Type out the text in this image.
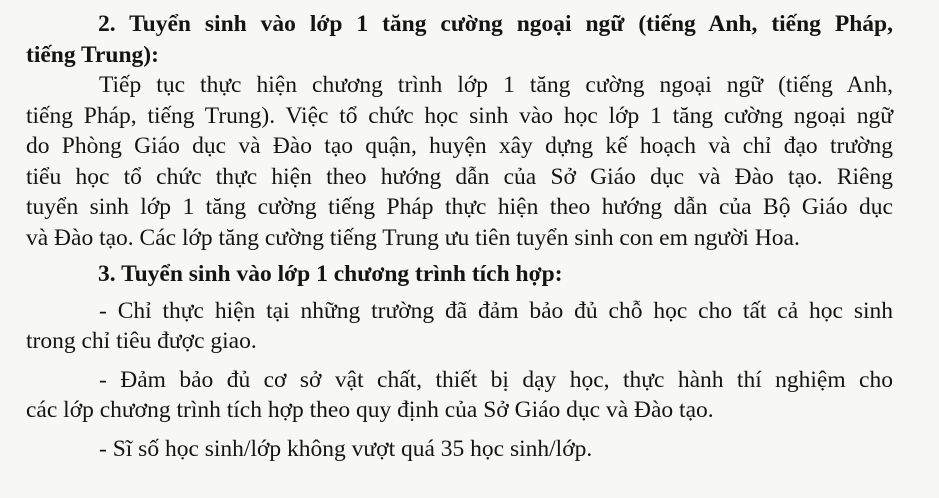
2. Tuyển sinh vào lớp 1 tăng cường ngoại ngữ (tiếng Anh, tiếng Pháp,
tiếng Trung):
Tiếp tục thực hiện chương trình lớp 1 tăng cường ngoại ngữ (tiếng Anh,
tiếng Pháp, tiếng Trung). Việc tổ chức học sinh vào học lớp 1 tăng cường ngoại ngữ
do Phòng Giáo dục và Đào tạo quận, huyện xây dựng kế hoạch và chỉ đạo trường
tiểu học tổ chức thực hiện theo hướng dẫn của Sở Giáo dục và Đào tạo. Riêng
tuyển sinh lớp 1 tăng cường tiếng Pháp thực hiện theo hướng dẫn của Bộ Giáo dục
và Đào tạo. Các lớp tăng cường tiếng Trung ưu tiên tuyển sinh con em người Hoa.
3. Tuyển sinh vào lớp 1 chương trình tích hợp:
- Chỉ thực hiện tại những trường đã đảm bảo đủ chỗ học cho tất cả học sinh
trong chỉ tiêu được giao.
- Đảm bảo đủ cơ sở vật chất, thiết bị dạy học, thực hành thí nghiệm cho
các lớp chương trình tích hợp theo quy định của Sở Giáo dục và Đào tạo.
- Sĩ số học sinh/lớp không vượt quá 35 học sinh/lớp.
